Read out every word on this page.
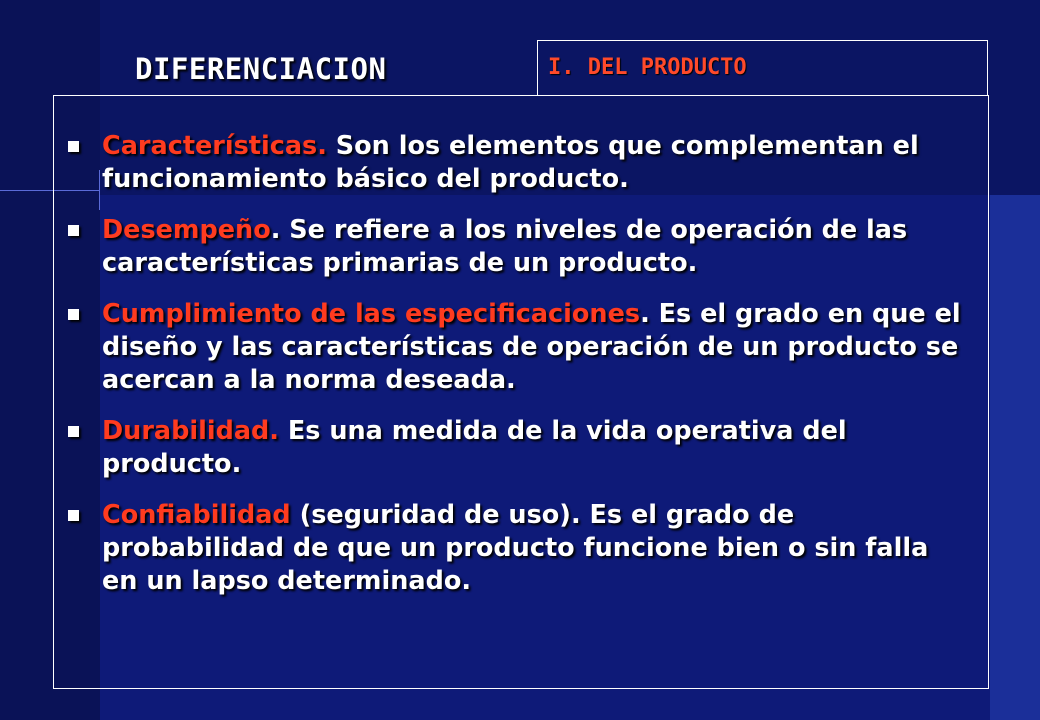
DIFERENCIACION	I. DEL PRODUCTO
Características. Son los elementos que complementan el funcionamiento básico del producto.
Desempeño. Se refiere a los niveles de operación de las características primarias de un producto.
Cumplimiento de las especificaciones. Es el grado en que el diseño y las características de operación de un producto se acercan a la norma deseada.
Durabilidad. Es una medida de la vida operativa del producto.
Confiabilidad (seguridad de uso). Es el grado de probabilidad de que un producto funcione bien o sin falla en un lapso determinado.
